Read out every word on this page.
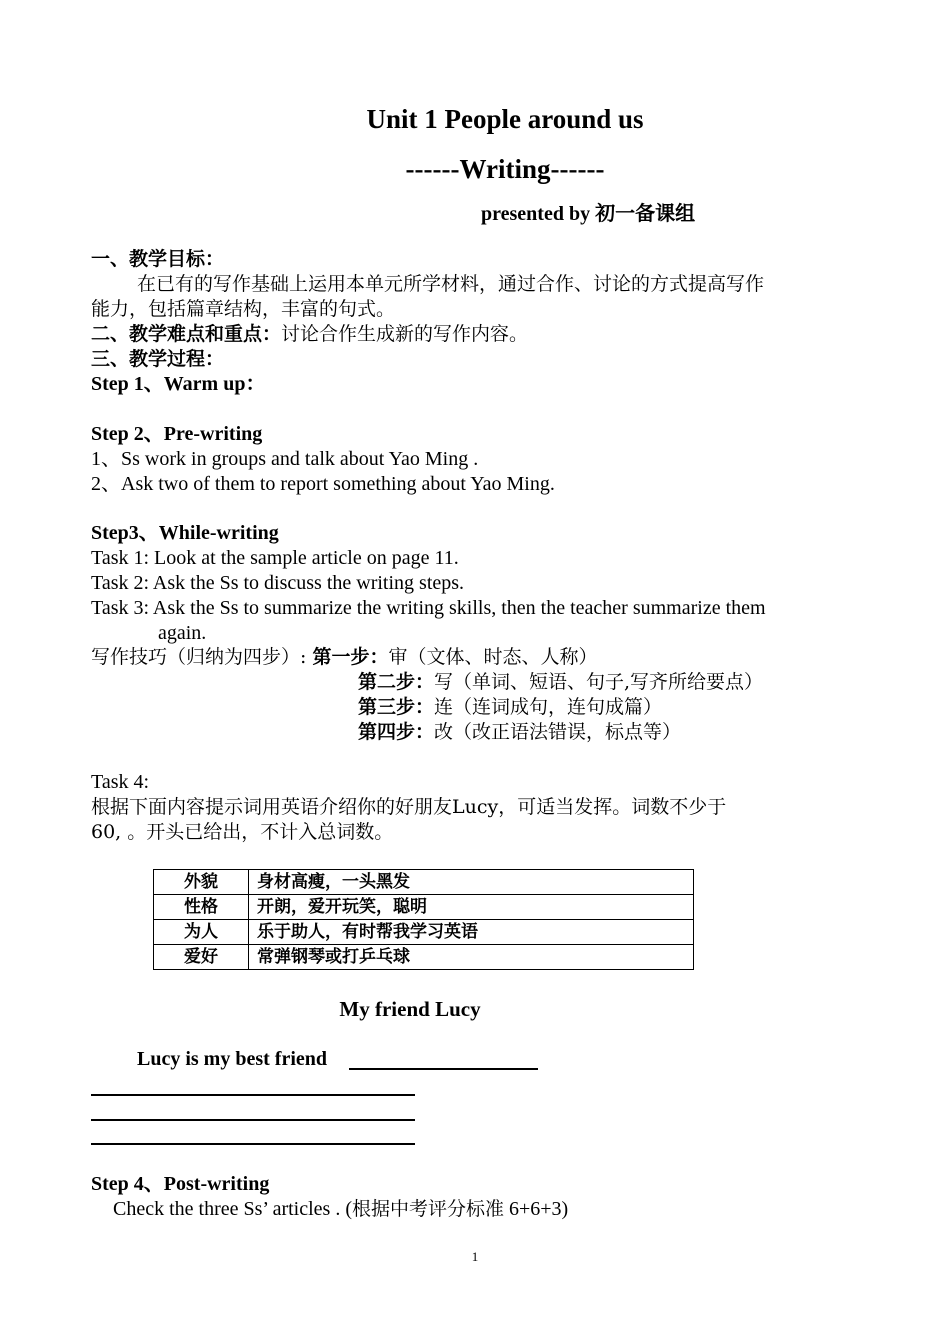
Unit 1 People around us
------Writing------
presented by 初一备课组
一、教学目标：
在已有的写作基础上运用本单元所学材料，通过合作、讨论的方式提高写作
能力，包括篇章结构，丰富的句式。
二、教学难点和重点：讨论合作生成新的写作内容。
三、教学过程：
Step 1、Warm up：
Step 2、Pre-writing
1、Ss work in groups and talk about Yao Ming .
2、Ask two of them to report something about Yao Ming.
Step3、While-writing
Task 1: Look at the sample article on page 11.
Task 2: Ask the Ss to discuss the writing steps.
Task 3: Ask the Ss to summarize the writing skills, then the teacher summarize them
again.
写作技巧（归纳为四步）: 第一步：审（文体、时态、人称）
第二步：写（单词、短语、句子,写齐所给要点）
第三步：连（连词成句，连句成篇）
第四步：改（改正语法错误，标点等）
Task 4:
根据下面内容提示词用英语介绍你的好朋友Lucy，可适当发挥。词数不少于
60, 。开头已给出，不计入总词数。
外貌	身材高瘦，一头黑发
性格	开朗，爱开玩笑，聪明
为人	乐于助人，有时帮我学习英语
爱好	常弹钢琴或打乒乓球
My friend Lucy
Lucy is my best friend
Step 4、Post-writing
Check the three Ss’ articles . (根据中考评分标准 6+6+3)
1
